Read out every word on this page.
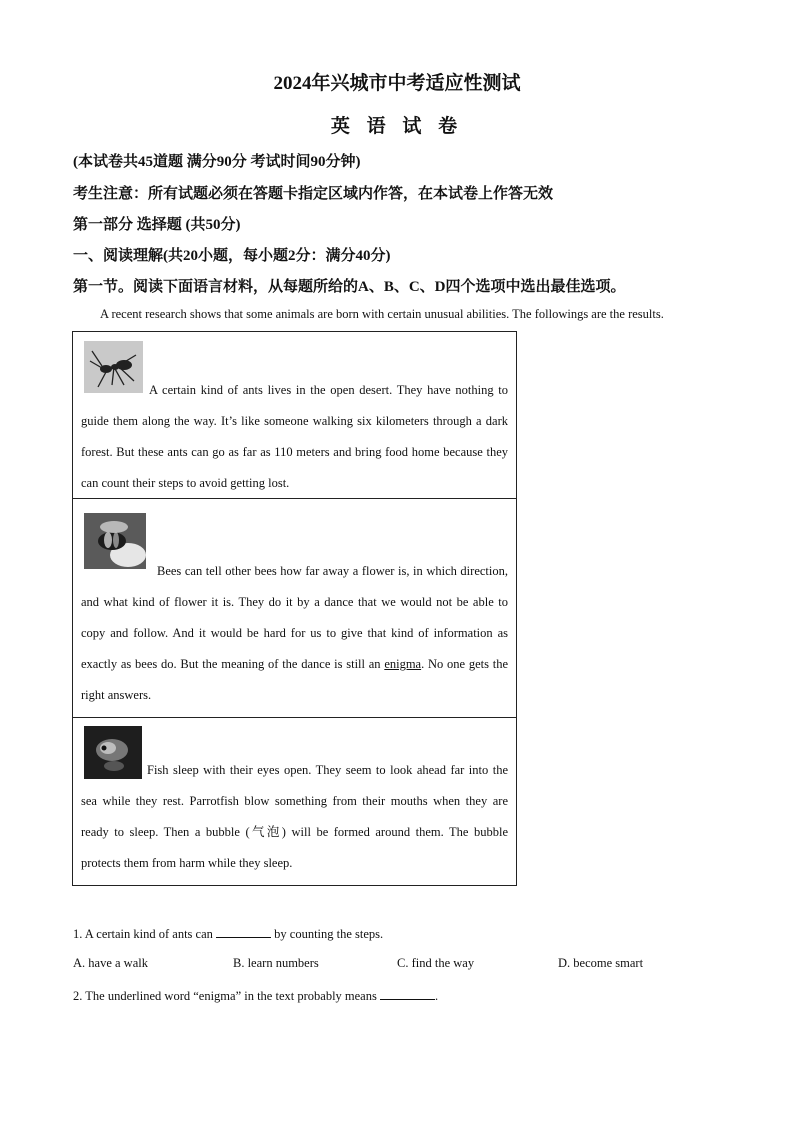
2024年兴城市中考适应性测试
英 语 试 卷

(本试卷共45道题 满分90分 考试时间90分钟)

考生注意：所有试题必须在答题卡指定区域内作答，在本试卷上作答无效

第一部分 选择题 (共50分)

一、阅读理解(共20小题，每小题2分：满分40分)

第一节。阅读下面语言材料，从每题所给的A、B、C、D四个选项中选出最佳选项。

A recent research shows that some animals are born with certain unusual abilities. The followings are the results.

A certain kind of ants lives in the open desert. They have nothing to guide them along the way. It’s like someone walking six kilometers through a dark forest. But these ants can go as far as 110 meters and bring food home because they can count their steps to avoid getting lost.

Bees can tell other bees how far away a flower is, in which direction, and what kind of flower it is. They do it by a dance that we would not be able to copy and follow. And it would be hard for us to give that kind of information as exactly as bees do. But the meaning of the dance is still an enigma. No one gets the right answers.

Fish sleep with their eyes open. They seem to look ahead far into the sea while they rest. Parrotfish blow something from their mouths when they are ready to sleep. Then a bubble (气泡) will be formed around them. The bubble protects them from harm while they sleep.

1. A certain kind of ants can	by counting the steps.

A. have a walk	B. learn numbers	C. find the way	D. become smart

2. The underlined word “enigma” in the text probably means	.
